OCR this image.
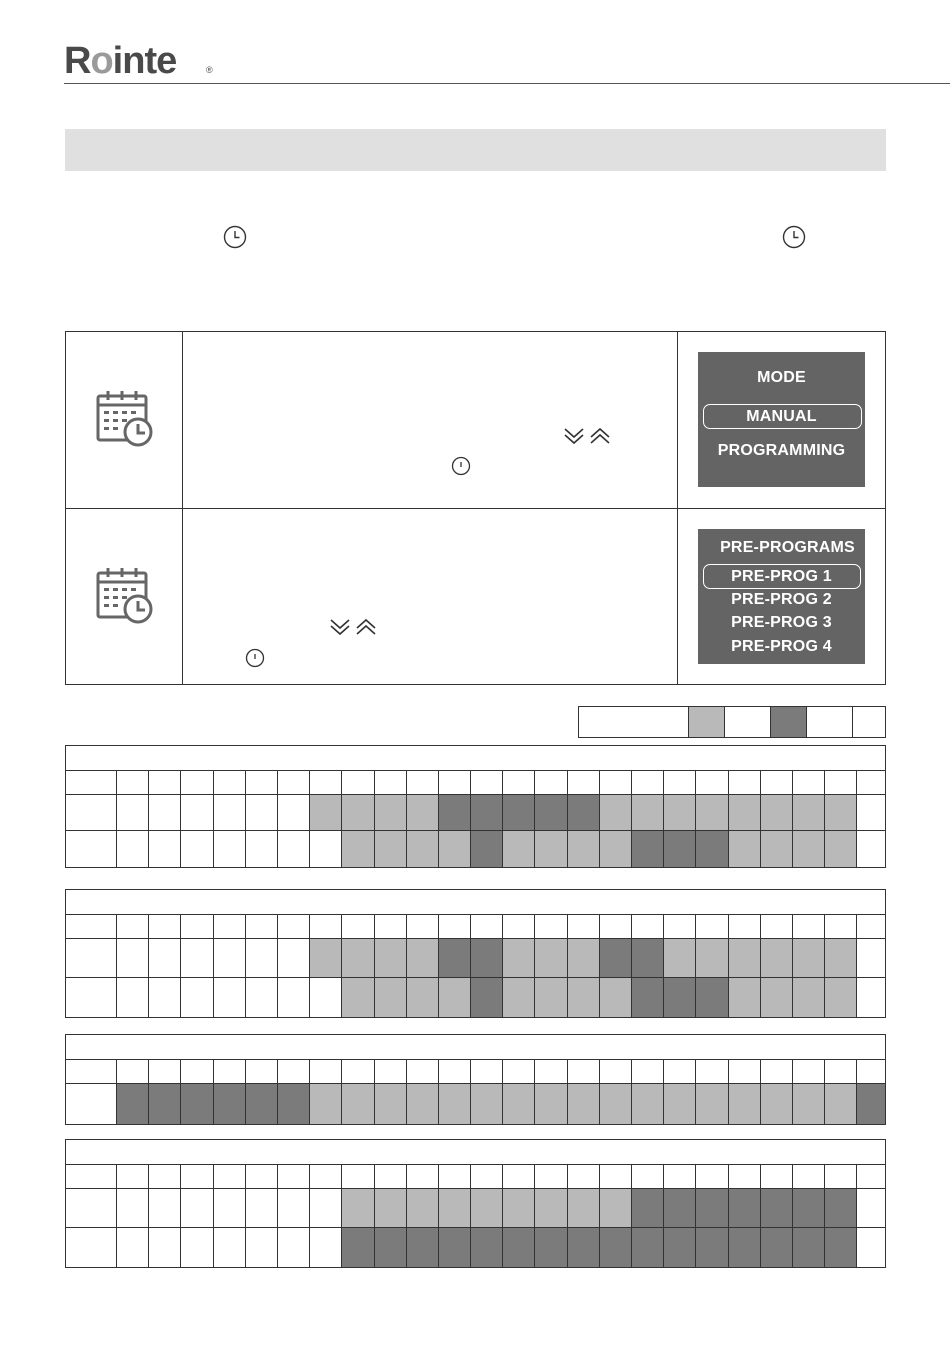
Rointe	®
MODE
MANUAL
PROGRAMMING
PRE-PROGRAMS
PRE-PROG 1
PRE-PROG 2
PRE-PROG 3
PRE-PROG 4
